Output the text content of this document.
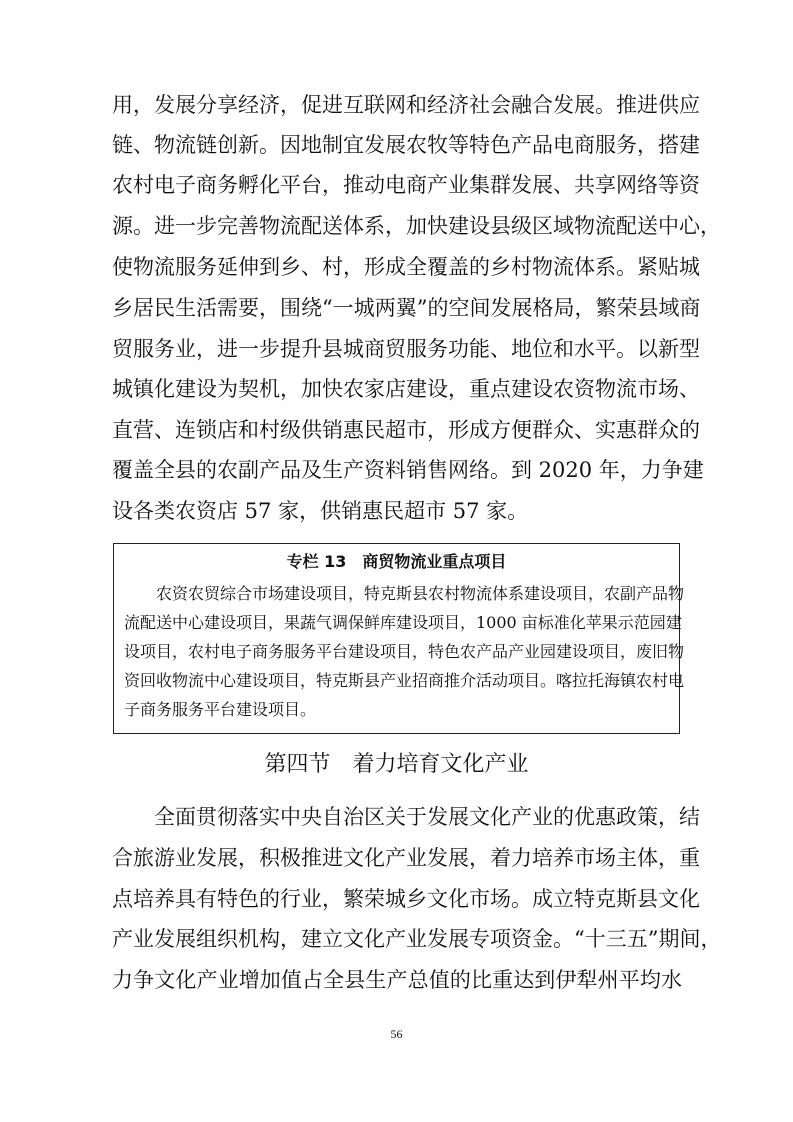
用，发展分享经济，促进互联网和经济社会融合发展。推进供应
链、物流链创新。因地制宜发展农牧等特色产品电商服务，搭建
农村电子商务孵化平台，推动电商产业集群发展、共享网络等资
源。进一步完善物流配送体系，加快建设县级区域物流配送中心，
使物流服务延伸到乡、村，形成全覆盖的乡村物流体系。紧贴城
乡居民生活需要，围绕“一城两翼”的空间发展格局，繁荣县域商
贸服务业，进一步提升县城商贸服务功能、地位和水平。以新型
城镇化建设为契机，加快农家店建设，重点建设农资物流市场、
直营、连锁店和村级供销惠民超市，形成方便群众、实惠群众的
覆盖全县的农副产品及生产资料销售网络。到 2020 年，力争建
设各类农资店 57 家，供销惠民超市 57 家。
专栏 13　商贸物流业重点项目
农资农贸综合市场建设项目，特克斯县农村物流体系建设项目，农副产品物
流配送中心建设项目，果蔬气调保鲜库建设项目，1000 亩标准化苹果示范园建
设项目，农村电子商务服务平台建设项目，特色农产品产业园建设项目，废旧物
资回收物流中心建设项目，特克斯县产业招商推介活动项目。喀拉托海镇农村电
子商务服务平台建设项目。
第四节　着力培育文化产业
全面贯彻落实中央自治区关于发展文化产业的优惠政策，结
合旅游业发展，积极推进文化产业发展，着力培养市场主体，重
点培养具有特色的行业，繁荣城乡文化市场。成立特克斯县文化
产业发展组织机构，建立文化产业发展专项资金。“十三五”期间，
力争文化产业增加值占全县生产总值的比重达到伊犁州平均水
56
